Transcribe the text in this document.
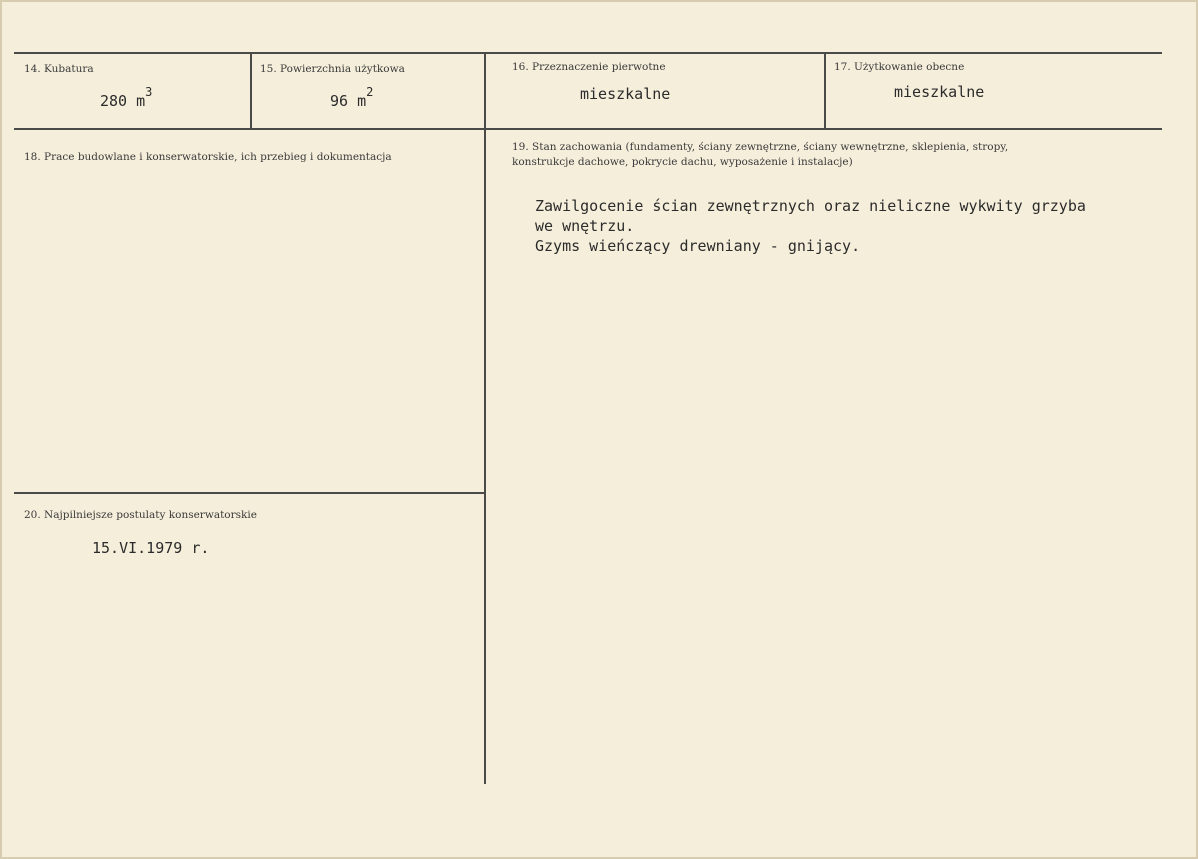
14. Kubatura
280 $m^3$
15. Powierzchnia użytkowa
96 $m^2$
16. Przeznaczenie pierwotne
mieszkalne
17. Użytkowanie obecne
mieszkalne
18. Prace budowlane i konserwatorskie, ich przebieg i dokumentacja
19. Stan zachowania (fundamenty, ściany zewnętrzne, ściany wewnętrzne, sklepienia, stropy, konstrukcje dachowe, pokrycie dachu, wyposażenie i instalacje)
Zawilgocenie ścian zewnętrznych oraz nieliczne wykwity grzyba
we wnętrzu.
Gzyms wieńczący drewniany - gnijący.
20. Najpilniejsze postulaty konserwatorskie
15.VI.1979 r.
